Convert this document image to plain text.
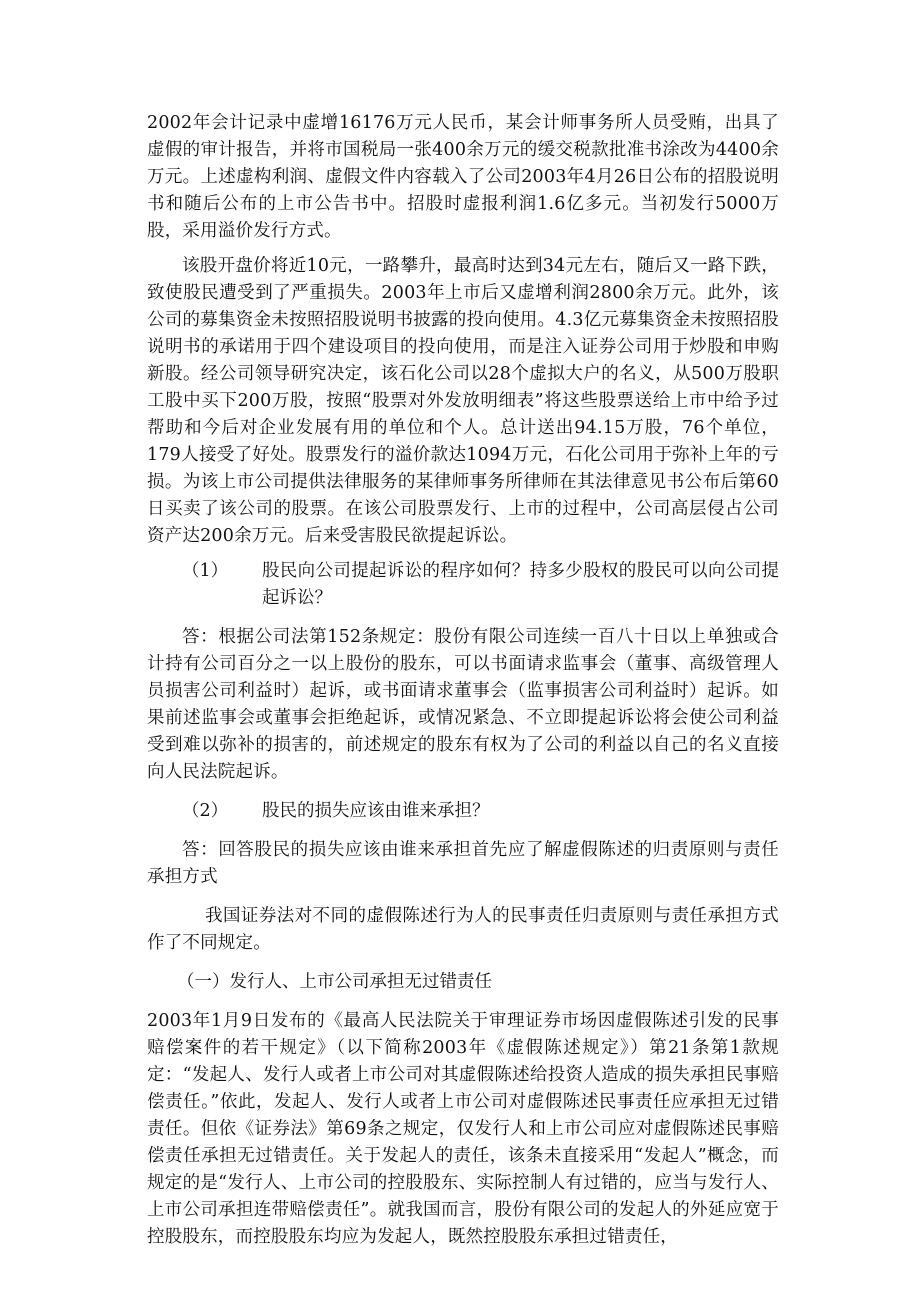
2002年会计记录中虚增16176万元人民币，某会计师事务所人员受贿，出具了虚假的审计报告，并将市国税局一张400余万元的缓交税款批准书涂改为4400余万元。上述虚构利润、虚假文件内容载入了公司2003年4月26日公布的招股说明书和随后公布的上市公告书中。招股时虚报利润1.6亿多元。当初发行5000万股，采用溢价发行方式。

该股开盘价将近10元，一路攀升，最高时达到34元左右，随后又一路下跌，致使股民遭受到了严重损失。2003年上市后又虚增利润2800余万元。此外，该公司的募集资金未按照招股说明书披露的投向使用。4.3亿元募集资金未按照招股说明书的承诺用于四个建设项目的投向使用，而是注入证券公司用于炒股和申购新股。经公司领导研究决定，该石化公司以28个虚拟大户的名义，从500万股职工股中买下200万股，按照“股票对外发放明细表”将这些股票送给上市中给予过帮助和今后对企业发展有用的单位和个人。总计送出94.15万股，76个单位，179人接受了好处。股票发行的溢价款达1094万元，石化公司用于弥补上年的亏损。为该上市公司提供法律服务的某律师事务所律师在其法律意见书公布后第60日买卖了该公司的股票。在该公司股票发行、上市的过程中，公司高层侵占公司资产达200余万元。后来受害股民欲提起诉讼。

（1）	股民向公司提起诉讼的程序如何？持多少股权的股民可以向公司提起诉讼？

答：根据公司法第152条规定：股份有限公司连续一百八十日以上单独或合计持有公司百分之一以上股份的股东，可以书面请求监事会（董事、高级管理人员损害公司利益时）起诉，或书面请求董事会（监事损害公司利益时）起诉。如果前述监事会或董事会拒绝起诉，或情况紧急、不立即提起诉讼将会使公司利益受到难以弥补的损害的，前述规定的股东有权为了公司的利益以自己的名义直接向人民法院起诉。

（2）	股民的损失应该由谁来承担？

答：回答股民的损失应该由谁来承担首先应了解虚假陈述的归责原则与责任承担方式

我国证券法对不同的虚假陈述行为人的民事责任归责原则与责任承担方式作了不同规定。

（一）发行人、上市公司承担无过错责任

2003年1月9日发布的《最高人民法院关于审理证券市场因虚假陈述引发的民事赔偿案件的若干规定》（以下简称2003年《虚假陈述规定》）第21条第1款规定：“发起人、发行人或者上市公司对其虚假陈述给投资人造成的损失承担民事赔偿责任。”依此，发起人、发行人或者上市公司对虚假陈述民事责任应承担无过错责任。但依《证券法》第69条之规定，仅发行人和上市公司应对虚假陈述民事赔偿责任承担无过错责任。关于发起人的责任，该条未直接采用“发起人”概念，而规定的是“发行人、上市公司的控股股东、实际控制人有过错的，应当与发行人、上市公司承担连带赔偿责任”。就我国而言，股份有限公司的发起人的外延应宽于控股股东，而控股股东均应为发起人，既然控股股东承担过错责任，
